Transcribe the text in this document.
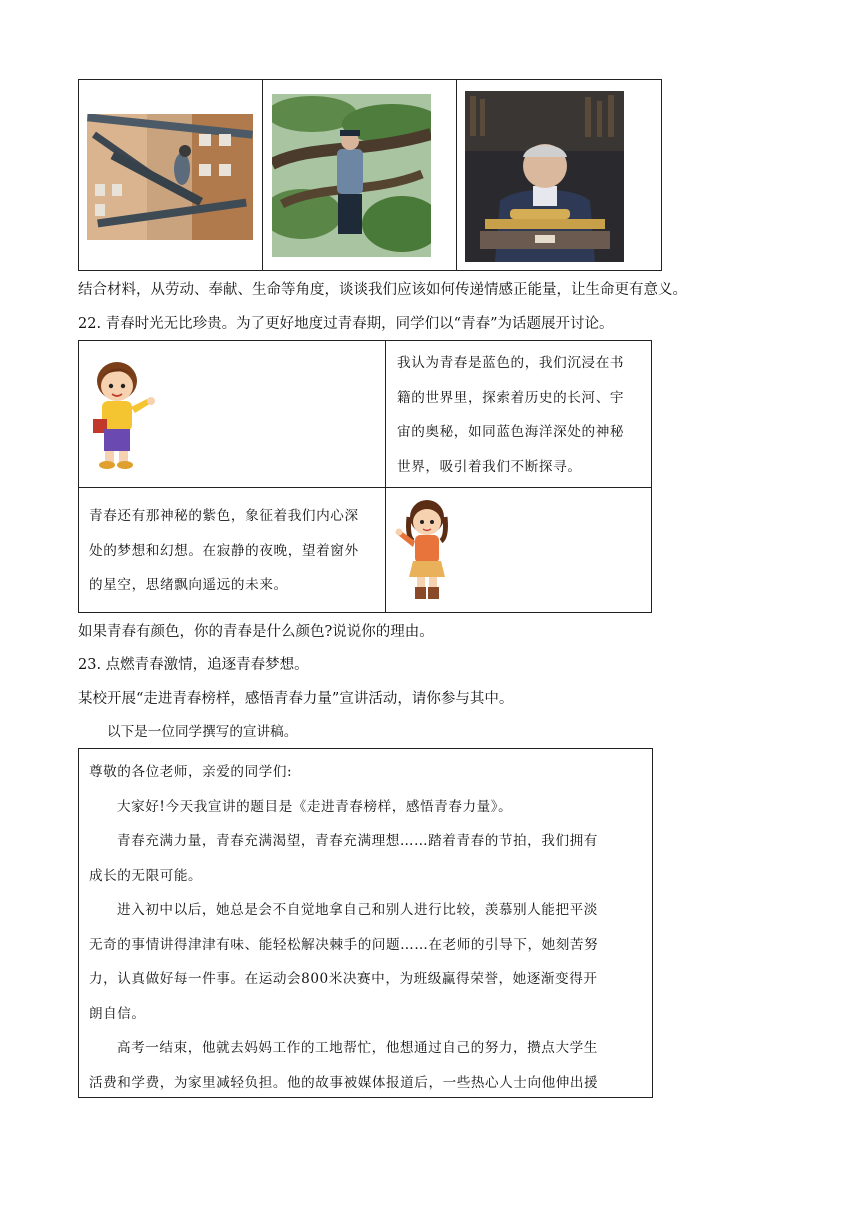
结合材料，从劳动、奉献、生命等角度，谈谈我们应该如何传递情感正能量，让生命更有意义。
22. 青春时光无比珍贵。为了更好地度过青春期，同学们以“青春”为话题展开讨论。
我认为青春是蓝色的，我们沉浸在书
籍的世界里，探索着历史的长河、宇
宙的奥秘，如同蓝色海洋深处的神秘
世界，吸引着我们不断探寻。
青春还有那神秘的紫色，象征着我们内心深
处的梦想和幻想。在寂静的夜晚，望着窗外
的星空，思绪飘向遥远的未来。
如果青春有颜色，你的青春是什么颜色?说说你的理由。
23. 点燃青春激情，追逐青春梦想。
某校开展“走进青春榜样，感悟青春力量”宣讲活动，请你参与其中。
以下是一位同学撰写的宣讲稿。
尊敬的各位老师，亲爱的同学们:
大家好!今天我宣讲的题目是《走进青春榜样，感悟青春力量》。
青春充满力量，青春充满渴望，青春充满理想……踏着青春的节拍，我们拥有
成长的无限可能。
进入初中以后，她总是会不自觉地拿自己和别人进行比较，羡慕别人能把平淡
无奇的事情讲得津津有味、能轻松解决棘手的问题……在老师的引导下，她刻苦努
力，认真做好每一件事。在运动会800米决赛中，为班级赢得荣誉，她逐渐变得开
朗自信。
高考一结束，他就去妈妈工作的工地帮忙，他想通过自己的努力，攒点大学生
活费和学费，为家里减轻负担。他的故事被媒体报道后，一些热心人士向他伸出援
